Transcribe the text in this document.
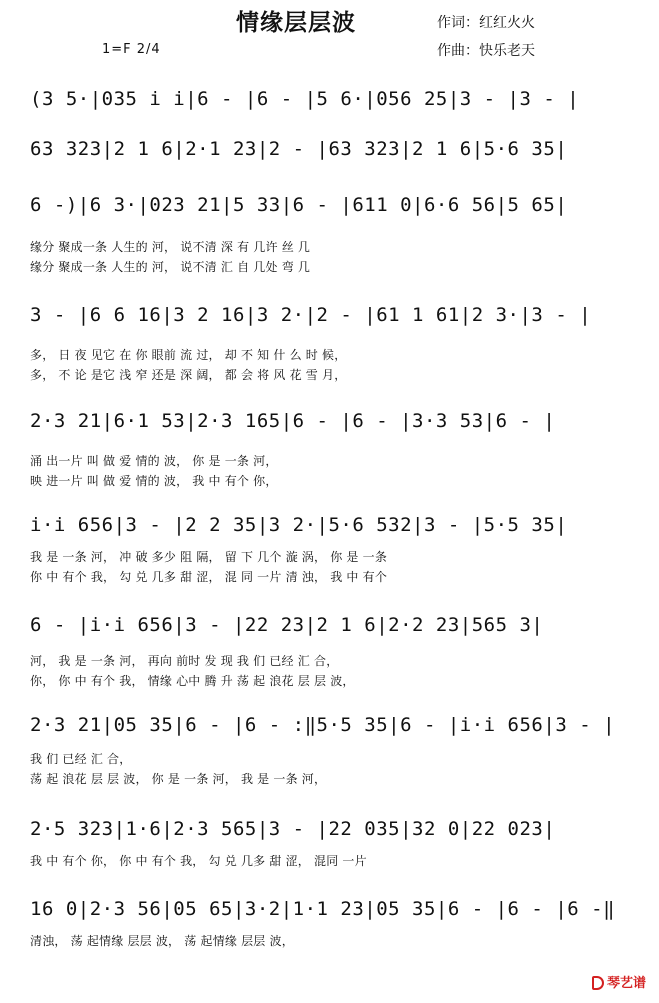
情缘层层波	作词：红红火火
作曲：快乐老天
1=F 2/4
(3 5·|035 i i|6 - |6 - |5 6·|056 25|3 - |3 - |
63 323|2 1 6|2·1 23|2 - |63 323|2 1 6|5·6 35|
6 -)|6 3·|023 21|5 33|6 - |611 0|6·6 56|5 65|
缘分 聚成一条 人生的 河， 说不清 深 有 几许 丝 几
缘分 聚成一条 人生的 河， 说不清 汇 自 几处 弯 几
3 - |6 6 16|3 2 16|3 2·|2 - |61 1 61|2 3·|3 - |
多， 日 夜 见它 在 你 眼前 流 过， 却 不 知 什 么 时 候，
多， 不 论 是它 浅 窄 还是 深 阔， 都 会 将 风 花 雪 月，
2·3 21|6·1 53|2·3 165|6 - |6 - |3·3 53|6 - |
涌 出一片 叫 做 爱 情的 波， 你 是 一条 河，
映 进一片 叫 做 爱 情的 波， 我 中 有个 你，
i·i 656|3 - |2 2 35|3 2·|5·6 532|3 - |5·5 35|
我 是 一条 河， 冲 破 多少 阻 隔， 留 下 几个 漩 涡， 你 是 一条
你 中 有个 我， 勾 兑 几多 甜 涩， 混 同 一片 清 浊， 我 中 有个
6 - |i·i 656|3 - |22 23|2 1 6|2·2 23|565 3|
河， 我 是 一条 河， 再向 前时 发 现 我 们 已经 汇 合，
你， 你 中 有个 我， 情缘 心中 腾 升 荡 起 浪花 层 层 波，
2·3 21|05 35|6 - |6 - :‖5·5 35|6 - |i·i 656|3 - |
我 们 已经 汇 合，
荡 起 浪花 层 层 波， 你 是 一条 河， 我 是 一条 河，
2·5 323|1·6|2·3 565|3 - |22 035|32 0|22 023|
我 中 有个 你， 你 中 有个 我， 勾 兑 几多 甜 涩， 混同 一片
16 0|2·3 56|05 65|3·2|1·1 23|05 35|6 - |6 - |6 -‖
清浊， 荡 起情缘 层层 波， 荡 起情缘 层层 波，
琴艺谱
